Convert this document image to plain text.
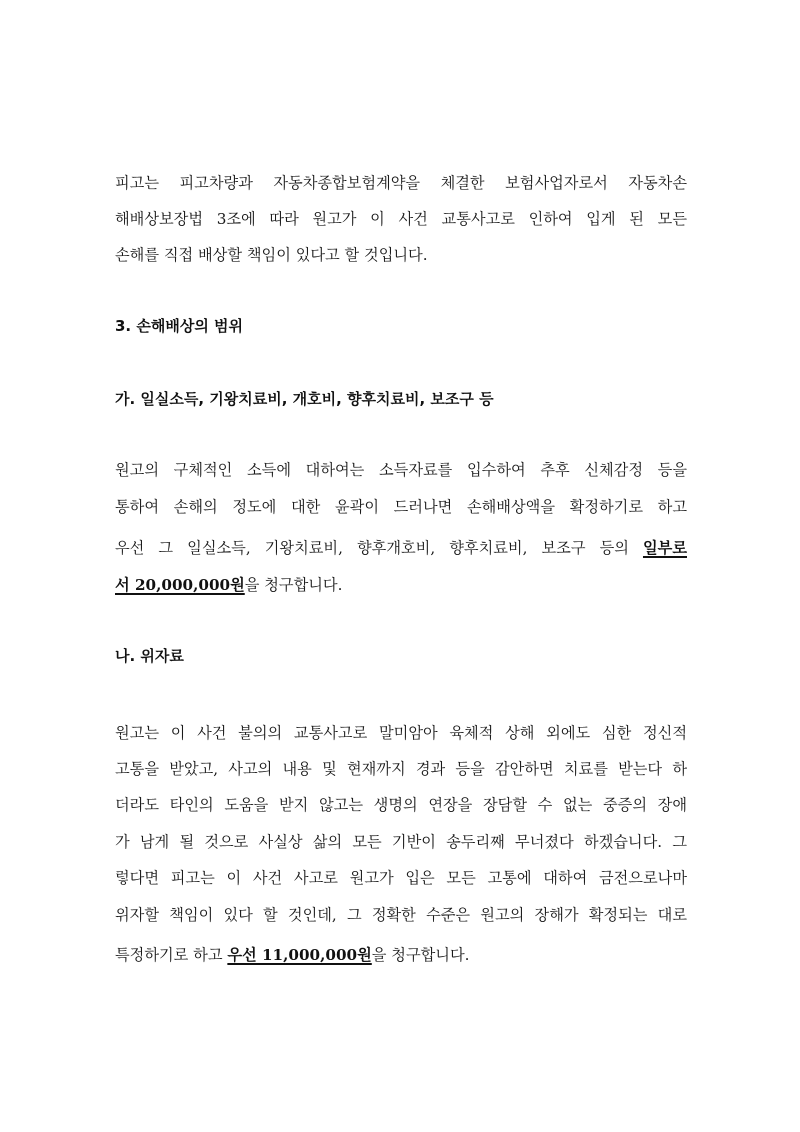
피고는 피고차량과 자동차종합보험계약을 체결한 보험사업자로서 자동차손
해배상보장법 3조에 따라 원고가 이 사건 교통사고로 인하여 입게 된 모든
손해를 직접 배상할 책임이 있다고 할 것입니다.
3. 손해배상의 범위
가. 일실소득, 기왕치료비, 개호비, 향후치료비, 보조구 등
원고의 구체적인 소득에 대하여는 소득자료를 입수하여 추후 신체감정 등을
통하여 손해의 정도에 대한 윤곽이 드러나면 손해배상액을 확정하기로 하고
우선 그 일실소득, 기왕치료비, 향후개호비, 향후치료비, 보조구 등의 일부로
서 20,000,000원을 청구합니다.
나. 위자료
원고는 이 사건 불의의 교통사고로 말미암아 육체적 상해 외에도 심한 정신적
고통을 받았고, 사고의 내용 및 현재까지 경과 등을 감안하면 치료를 받는다 하
더라도 타인의 도움을 받지 않고는 생명의 연장을 장담할 수 없는 중증의 장애
가 남게 될 것으로 사실상 삶의 모든 기반이 송두리째 무너졌다 하겠습니다. 그
렇다면 피고는 이 사건 사고로 원고가 입은 모든 고통에 대하여 금전으로나마
위자할 책임이 있다 할 것인데, 그 정확한 수준은 원고의 장해가 확정되는 대로
특정하기로 하고 우선 11,000,000원을 청구합니다.
